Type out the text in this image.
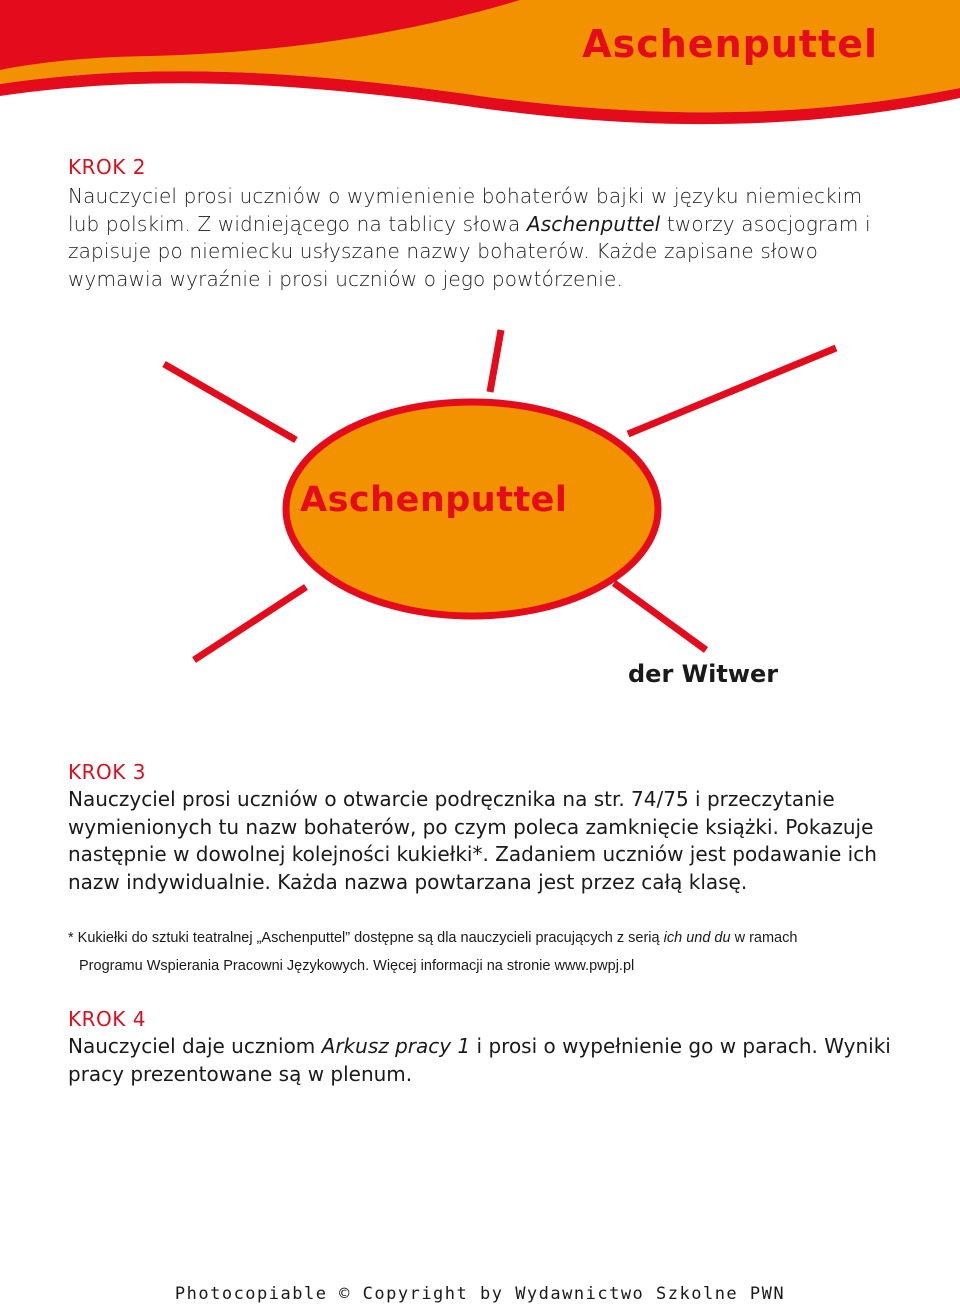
Aschenputtel
KROK 2

Nauczyciel prosi uczniów o wymienienie bohaterów bajki w języku niemieckim lub polskim. Z widniejącego na tablicy słowa Aschenputtel tworzy asocjogram i zapisuje po niemiecku usłyszane nazwy bohaterów. Każde zapisane słowo wymawia wyraźnie i prosi uczniów o jego powtórzenie.

Aschenputtel

der Witwer

KROK 3

Nauczyciel prosi uczniów o otwarcie podręcznika na str. 74/75 i przeczytanie wymienionych tu nazw bohaterów, po czym poleca zamknięcie książki. Pokazuje następnie w dowolnej kolejności kukiełki*. Zadaniem uczniów jest podawanie ich nazw indywidualnie. Każda nazwa powtarzana jest przez całą klasę.

* Kukiełki do sztuki teatralnej „Aschenputtel” dostępne są dla nauczycieli pracujących z serią ich und du w ramach
Programu Wspierania Pracowni Językowych. Więcej informacji na stronie www.pwpj.pl

KROK 4

Nauczyciel daje uczniom Arkusz pracy 1 i prosi o wypełnienie go w parach. Wyniki pracy prezentowane są w plenum.

Photocopiable © Copyright by Wydawnictwo Szkolne PWN
